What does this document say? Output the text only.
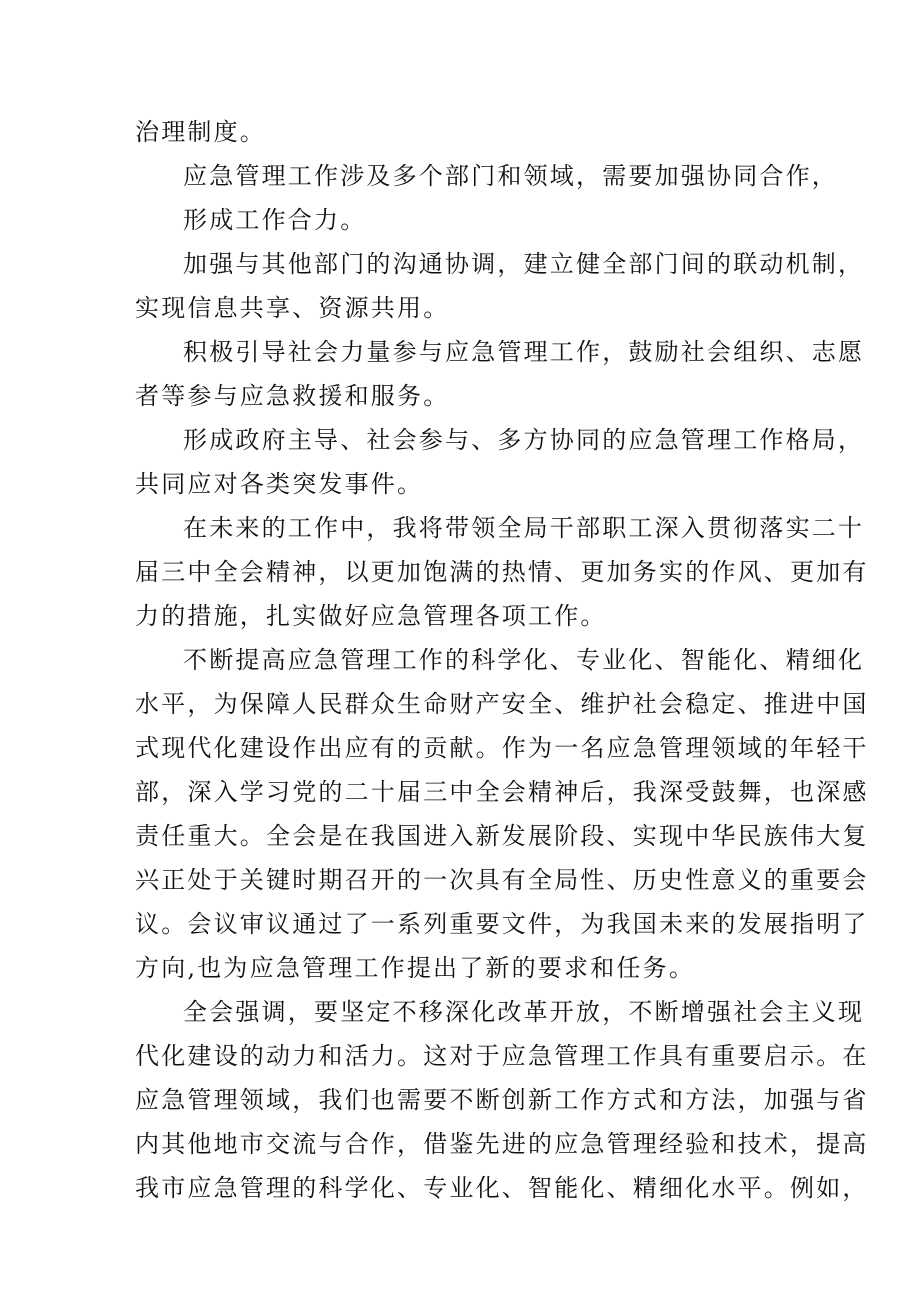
治理制度。
应急管理工作涉及多个部门和领域，需要加强协同合作，
形成工作合力。
加强与其他部门的沟通协调，建立健全部门间的联动机制，
实现信息共享、资源共用。
积极引导社会力量参与应急管理工作，鼓励社会组织、志愿
者等参与应急救援和服务。
形成政府主导、社会参与、多方协同的应急管理工作格局，
共同应对各类突发事件。
在未来的工作中，我将带领全局干部职工深入贯彻落实二十
届三中全会精神，以更加饱满的热情、更加务实的作风、更加有
力的措施，扎实做好应急管理各项工作。
不断提高应急管理工作的科学化、专业化、智能化、精细化
水平，为保障人民群众生命财产安全、维护社会稳定、推进中国
式现代化建设作出应有的贡献。作为一名应急管理领域的年轻干
部，深入学习党的二十届三中全会精神后，我深受鼓舞，也深感
责任重大。全会是在我国进入新发展阶段、实现中华民族伟大复
兴正处于关键时期召开的一次具有全局性、历史性意义的重要会
议。会议审议通过了一系列重要文件，为我国未来的发展指明了
方向,也为应急管理工作提出了新的要求和任务。
全会强调，要坚定不移深化改革开放，不断增强社会主义现
代化建设的动力和活力。这对于应急管理工作具有重要启示。在
应急管理领域，我们也需要不断创新工作方式和方法，加强与省
内其他地市交流与合作，借鉴先进的应急管理经验和技术，提高
我市应急管理的科学化、专业化、智能化、精细化水平。例如，
